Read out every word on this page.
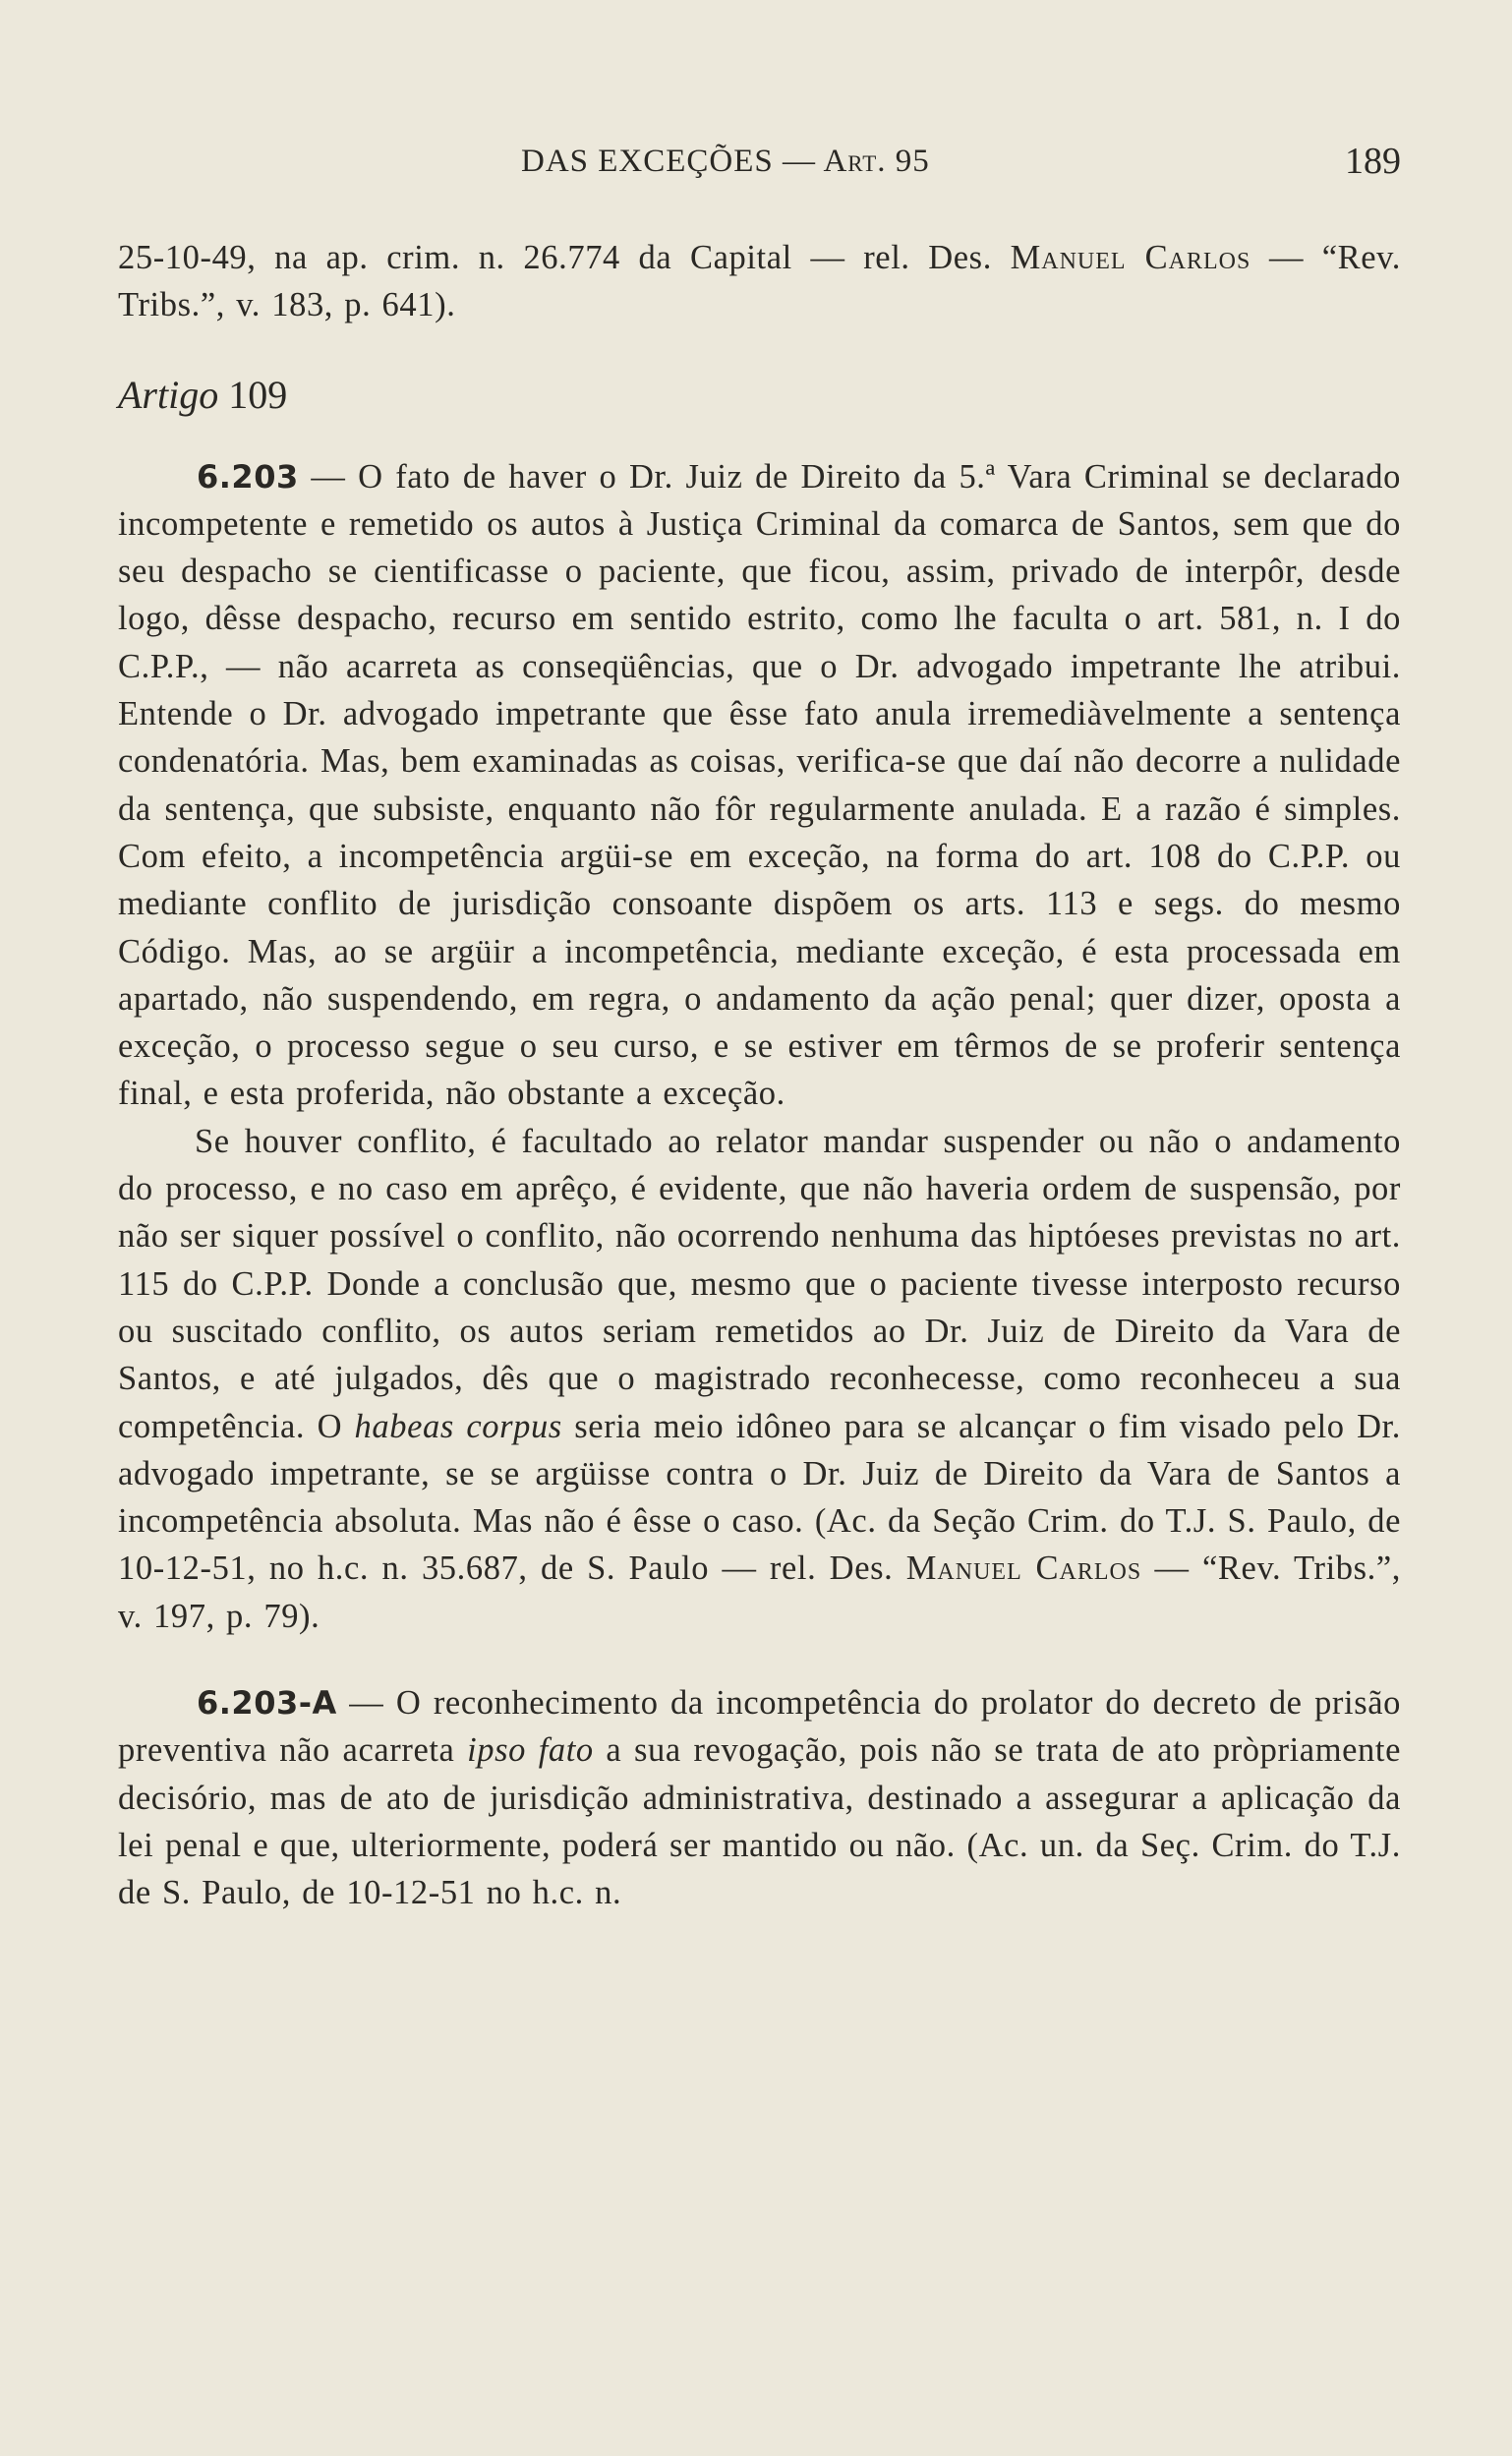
DAS EXCEÇÕES — Art. 95	189

25-10-49, na ap. crim. n. 26.774 da Capital — rel. Des. Manuel Carlos — “Rev. Tribs.”, v. 183, p. 641).

Artigo 109

6.203 — O fato de haver o Dr. Juiz de Direito da 5.ª Vara Criminal se declarado incompetente e remetido os autos à Justiça Criminal da comarca de Santos, sem que do seu despacho se cientificasse o paciente, que ficou, assim, privado de interpôr, desde logo, dêsse despacho, recurso em sentido estrito, como lhe faculta o art. 581, n. I do C.P.P., — não acarreta as conseqüências, que o Dr. advogado impetrante lhe atribui. Entende o Dr. advogado impetrante que êsse fato anula irremediàvelmente a sentença condenatória. Mas, bem examinadas as coisas, verifica-se que daí não decorre a nulidade da sentença, que subsiste, enquanto não fôr regularmente anulada. E a razão é simples. Com efeito, a incompetência argüi-se em exceção, na forma do art. 108 do C.P.P. ou mediante conflito de jurisdição consoante dispõem os arts. 113 e segs. do mesmo Código. Mas, ao se argüir a incompetência, mediante exceção, é esta processada em apartado, não suspendendo, em regra, o andamento da ação penal; quer dizer, oposta a exceção, o processo segue o seu curso, e se estiver em têrmos de se proferir sentença final, e esta proferida, não obstante a exceção.

Se houver conflito, é facultado ao relator mandar suspender ou não o andamento do processo, e no caso em aprêço, é evidente, que não haveria ordem de suspensão, por não ser siquer possível o conflito, não ocorrendo nenhuma das hiptóeses previstas no art. 115 do C.P.P. Donde a conclusão que, mesmo que o paciente tivesse interposto recurso ou suscitado conflito, os autos seriam remetidos ao Dr. Juiz de Direito da Vara de Santos, e até julgados, dês que o magistrado reconhecesse, como reconheceu a sua competência. O habeas corpus seria meio idôneo para se alcançar o fim visado pelo Dr. advogado impetrante, se se argüisse contra o Dr. Juiz de Direito da Vara de Santos a incompetência absoluta. Mas não é êsse o caso. (Ac. da Seção Crim. do T.J. S. Paulo, de 10-12-51, no h.c. n. 35.687, de S. Paulo — rel. Des. Manuel Carlos — “Rev. Tribs.”, v. 197, p. 79).

6.203-A — O reconhecimento da incompetência do prolator do decreto de prisão preventiva não acarreta ipso fato a sua revogação, pois não se trata de ato pròpriamente decisório, mas de ato de jurisdição administrativa, destinado a assegurar a aplicação da lei penal e que, ulteriormente, poderá ser mantido ou não. (Ac. un. da Seç. Crim. do T.J. de S. Paulo, de 10-12-51 no h.c. n.
